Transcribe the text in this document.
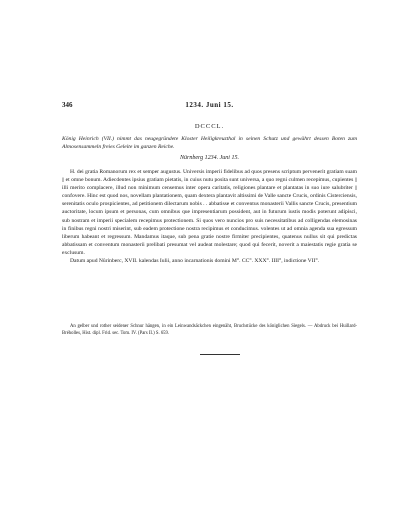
346	1234. Juni 15.
DCCCL.

König Heinrich (VII.) nimmt das neugegründete Kloster Heiligkreuzthal in seinen Schutz und gewährt dessen Boten zum Almosensammeln freies Geleite im ganzen Reiche.

Nürnberg 1234. Juni 15.

H. dei gratia Romanorum rex et semper augustus. Universis imperii fidelibus ad quos presens scriptum pervenerit gratiam suam || et omne bonum. Adiecdentes ipsius gratiam pietatis, in cuius nutu posita sunt universa, a quo regni culmen recepimus, cupientes || illi merito complacere, illud non minimum censemus inter opera caritatis, religiones plantare et plantatas in suo iure salubriter || confovere. Hinc est quod nos, novellam plantationem, quam dextera plantavit altissimi de Valle sancte Crucis, ordinis Cisterciensis, serenitatis oculo prospicientes, ad petitionem dilectarum nobis . . abbatisse et conventus monasterii Vallis sancte Crucis, presentium auctoritate, locum ipsum et personas, cum omnibus que impresentiarum possident, aut in futurum iustis modis poterunt adipisci, sub nostram et imperii specialem recepimus protectionem. Si quos vero nuncios pro suis necessitatibus ad colligendas elemosinas in finibus regni nostri miserint, sub eadem protectione nostra recipimus et conducimus. volentes ut ad omnia agenda sua egressum liberum habeant et regressum. Mandamus itaque, sub pena gratie nostre firmiter precipientes, quatenus nullus sit qui predictas abbatissam et conventum monasterii prelibati presumat vel audeat molestare; quod qui fecerit, noverit a maiestatis regie gratia se exclusum.

Datum apud Nûrinberc, XVII. kalendas Iulii, anno incarnationis domini M°. CC°. XXX°. IIII°, indictione VII°.

An gelber und rother seidener Schnur hängen, in ein Leinwandsäckchen eingenäht, Bruchstücke des königlichen Siegels. — Abdruck bei Huillard-Bréholles, Hist. dipl. Frid. sec. Tom. IV. (Pars II.) S. 659.
